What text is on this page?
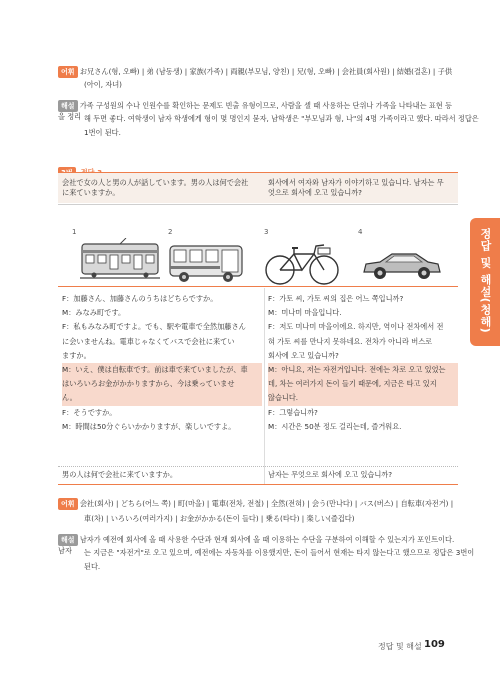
어휘 お兄さん(형, 오빠) | 弟 (남동생) | 家族(가족) | 両親(부모님, 양친) | 兄(형, 오빠) | 会社員(회사원) | 結婚(결혼) | 子供
(아이, 자녀)
해설 가족 구성원의 수나 인원수를 확인하는 문제도 빈출 유형이므로, 사람을 셀 때 사용하는 단위나 가족을 나타내는 표현 등을 정리 해 두면 좋다. 여학생이 남자 학생에게 형이 몇 명인지 묻자, 남학생은 "부모님과 형, 나"의 4명 가족이라고 했다. 따라서 정답은
1번이 된다.
会社で女の人と男の人が話しています。男の人は何で会社
に来ていますか。
회사에서 여자와 남자가 이야기하고 있습니다. 남자는 무
엇으로 회사에 오고 있습니까?
1	2	3	4
F：加藤さん、加藤さんのうちはどちらですか。
M：みなみ町です。
F：私もみなみ町ですよ。でも、駅や電車で全然加藤さん
に会いませんね。電車じゃなくてバスで会社に来てい
ますか。
M：いえ、僕は自転車です。前は車で来ていましたが、車
はいろいろお金がかかりますから、今は乗っていませ
ん。
F：そうですか。
M：時間は50分ぐらいかかりますが、楽しいですよ。
F：가토 씨, 가토 씨의 집은 어느 쪽입니까?
M：미나미 마을입니다.
F：저도 미나미 마을이에요. 하지만, 역이나 전차에서 전
혀 가토 씨를 만나지 못하네요. 전차가 아니라 버스로
회사에 오고 있습니까?
M：아니요, 저는 자전거입니다. 전에는 차로 오고 있었는
데, 차는 여러가지 돈이 들기 때문에, 지금은 타고 있지
않습니다.
F：그렇습니까?
M：시간은 50분 정도 걸리는데, 즐거워요.
男の人は何で会社に来ていますか。	남자는 무엇으로 회사에 오고 있습니까?
어휘 会社(회사) | どちら(어느 쪽) | 町(마을) | 電車(전차, 전철) | 全然(전혀) | 会う(만나다) | バス(버스) | 自転車(자전거) |
車(차) | いろいろ(여러가지) | お金がかかる(돈이 들다) | 乗る(타다) | 楽しい(즐겁다)
해설 남자가 예전에 회사에 올 때 사용한 수단과 현재 회사에 올 때 이용하는 수단을 구분하여 이해할 수 있는지가 포인트이다. 남자	는 지금은 "자전거"로 오고 있으며, 예전에는 자동차를 이용했지만, 돈이 들어서 현재는 타지 않는다고 했으므로 정답은 3번이
된다.
정답 및 해설(청해)
정답 및 해설 109
